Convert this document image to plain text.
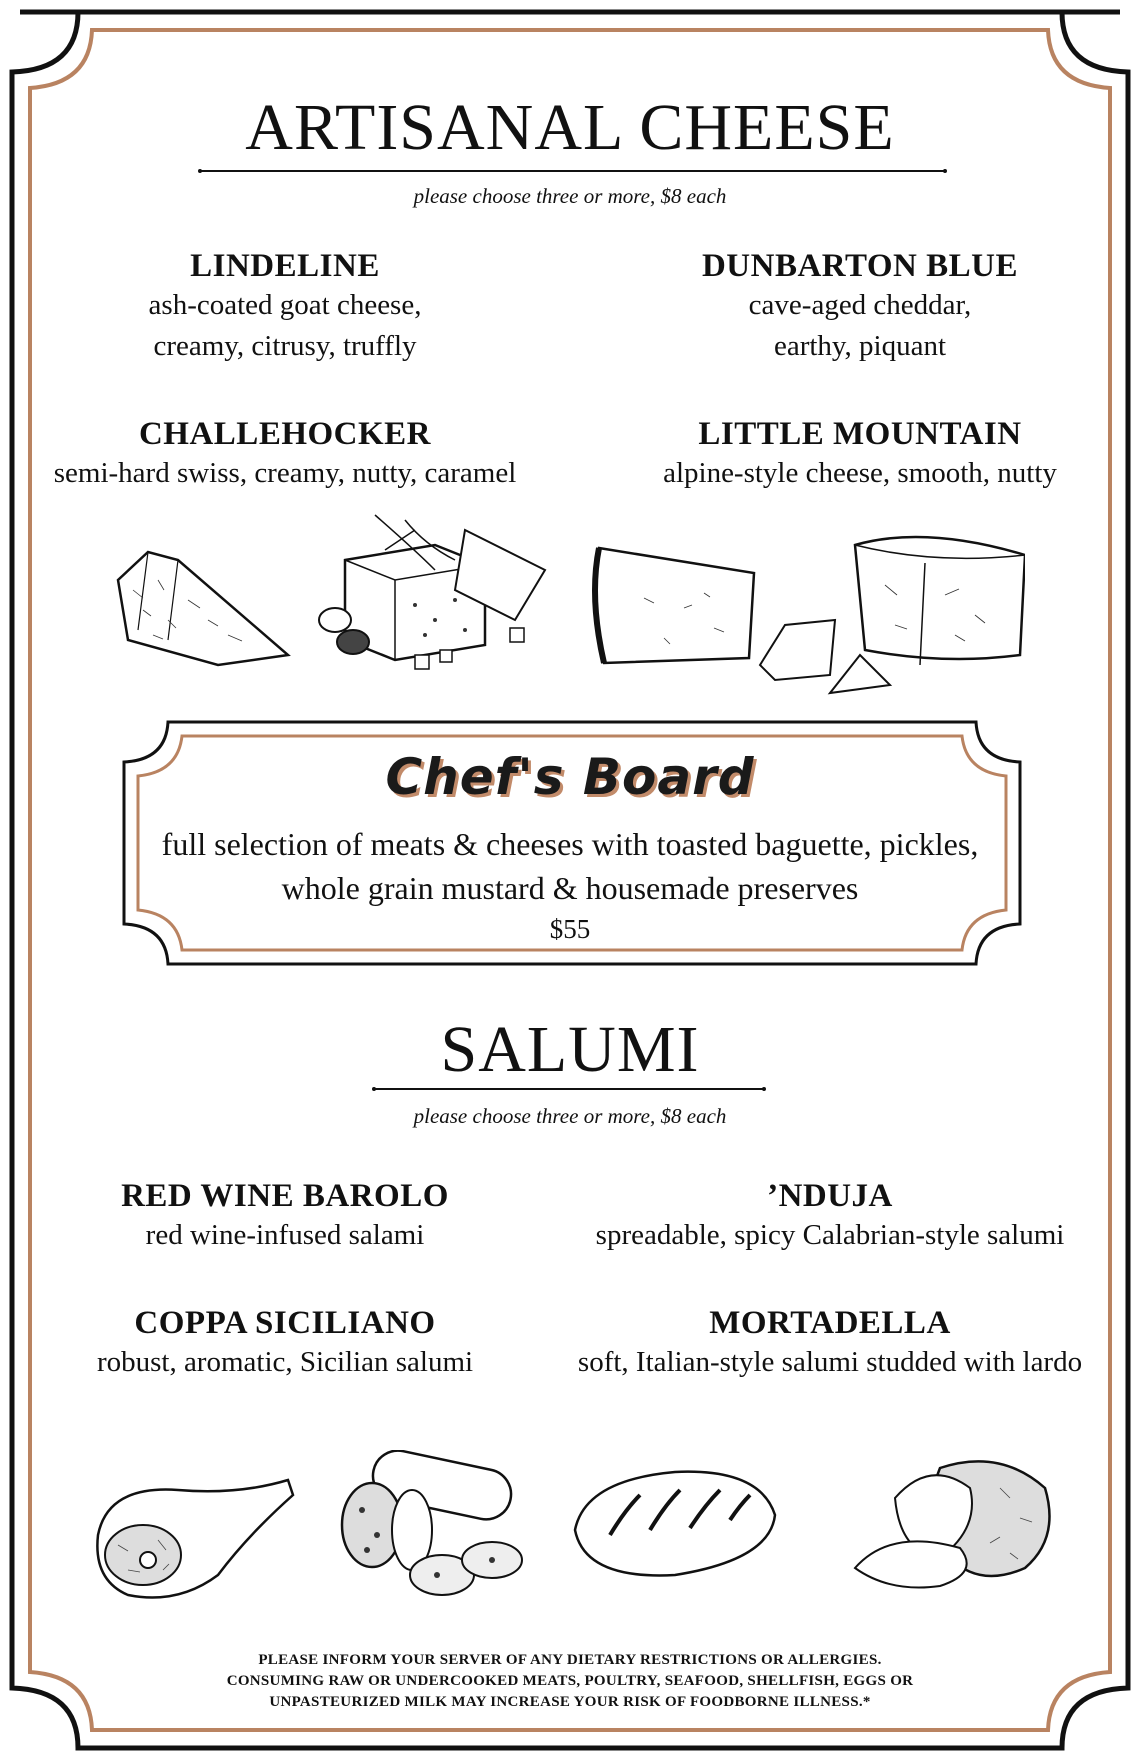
ARTISANAL CHEESE
please choose three or more, $8 each
LINDELINE
ash-coated goat cheese,
creamy, citrusy, truffly
DUNBARTON BLUE
cave-aged cheddar,
earthy, piquant
CHALLEHOCKER
semi-hard swiss, creamy, nutty, caramel
LITTLE MOUNTAIN
alpine-style cheese, smooth, nutty
Chef's Board
full selection of meats & cheeses with toasted baguette, pickles,
whole grain mustard & housemade preserves
$55
SALUMI
please choose three or more, $8 each
RED WINE BAROLO
red wine-infused salami
’NDUJA
spreadable, spicy Calabrian-style salumi
COPPA SICILIANO
robust, aromatic, Sicilian salumi
MORTADELLA
soft, Italian-style salumi studded with lardo
PLEASE INFORM YOUR SERVER OF ANY DIETARY RESTRICTIONS OR ALLERGIES.
CONSUMING RAW OR UNDERCOOKED MEATS, POULTRY, SEAFOOD, SHELLFISH, EGGS OR
UNPASTEURIZED MILK MAY INCREASE YOUR RISK OF FOODBORNE ILLNESS.*
